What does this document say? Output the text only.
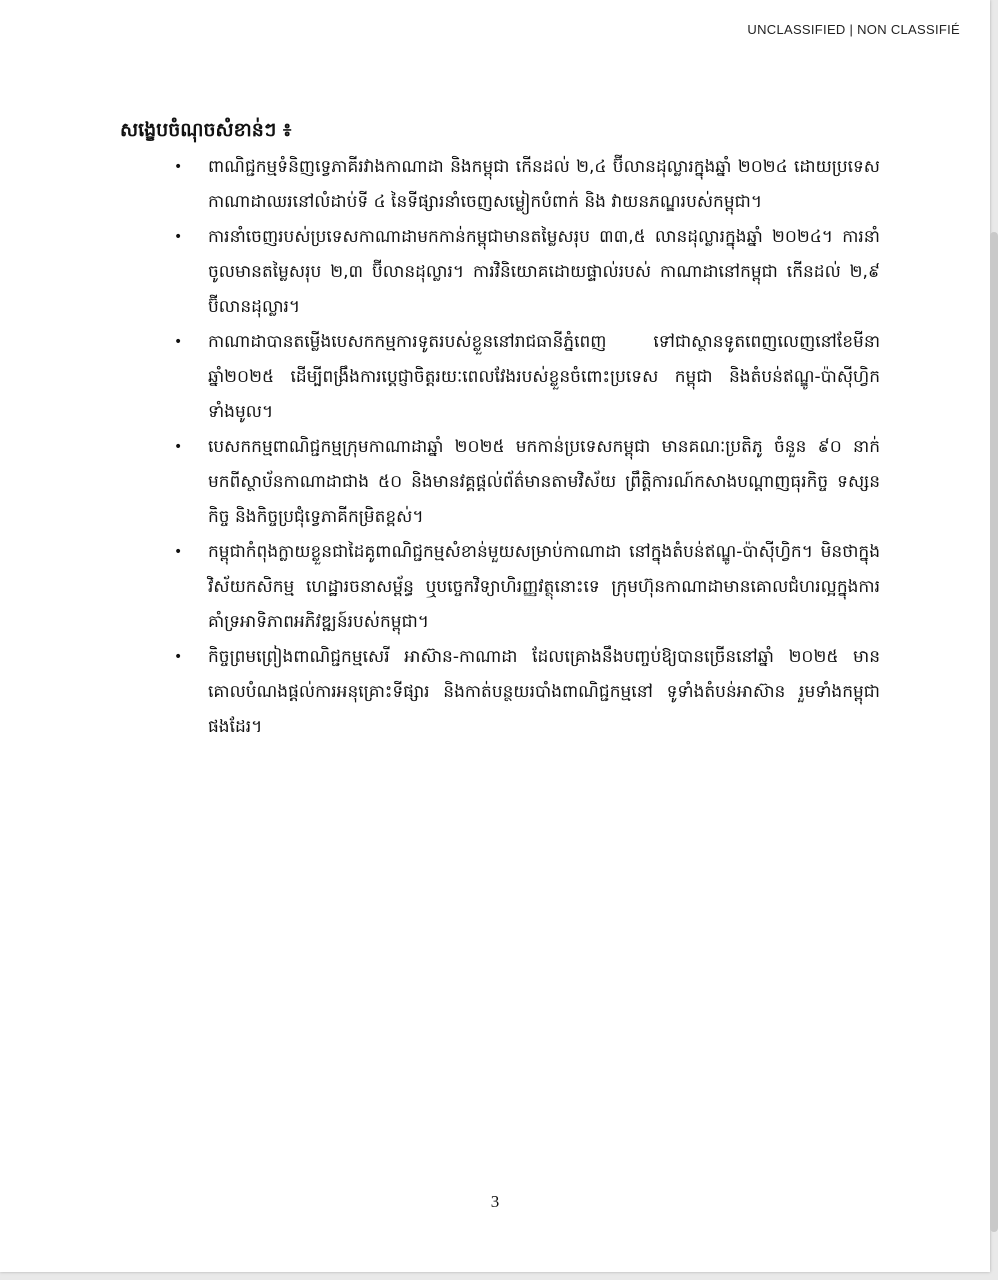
UNCLASSIFIED | NON CLASSIFIÉ
សង្ខេបចំណុចសំខាន់ៗ ៖
• ពាណិជ្ជកម្មទំនិញទ្វេភាគីរវាងកាណាដា និងកម្ពុជា កើនដល់ ២,៤ ប៊ីលានដុល្លារក្នុងឆ្នាំ ២០២៤ ដោយប្រទេសកាណាដាឈរនៅលំដាប់ទី ៤ នៃទីផ្សារនាំចេញសម្លៀកបំពាក់ និង វាយនភណ្ឌរបស់កម្ពុជា។
• ការនាំចេញរបស់ប្រទេសកាណាដាមកកាន់កម្ពុជាមានតម្លៃសរុប ៣៣,៥ លានដុល្លារក្នុងឆ្នាំ ២០២៤។ ការនាំចូលមានតម្លៃសរុប ២,៣ ប៊ីលានដុល្លារ។ ការវិនិយោគដោយផ្ទាល់របស់ កាណាដានៅកម្ពុជា កើនដល់ ២,៩ ប៊ីលានដុល្លារ។
• កាណាដាបានតម្លើងបេសកកម្មការទូតរបស់ខ្លួននៅរាជធានីភ្នំពេញ ទៅជាស្ថានទូតពេញលេញនៅខែមីនា ឆ្នាំ២០២៥ ដើម្បីពង្រឹងការប្តេជ្ញាចិត្តរយៈពេលវែងរបស់ខ្លួនចំពោះប្រទេស កម្ពុជា និងតំបន់ឥណ្ឌូ-ប៉ាស៊ីហ្វិកទាំងមូល។
• បេសកកម្មពាណិជ្ជកម្មក្រុមកាណាដាឆ្នាំ ២០២៥ មកកាន់ប្រទេសកម្ពុជា មានគណៈប្រតិភូ ចំនួន ៩០ នាក់ មកពីស្ថាប័នកាណាដាជាង ៥០ និងមានវគ្គផ្តល់ព័ត៌មានតាមវិស័យ ព្រឹត្តិការណ៍កសាងបណ្តាញធុរកិច្ច ទស្សនកិច្ច និងកិច្ចប្រជុំទ្វេភាគីកម្រិតខ្ពស់។
• កម្ពុជាកំពុងក្លាយខ្លួនជាដៃគូពាណិជ្ជកម្មសំខាន់មួយសម្រាប់កាណាដា នៅក្នុងតំបន់ឥណ្ឌូ-ប៉ាស៊ីហ្វិក។ មិនថាក្នុងវិស័យកសិកម្ម ហេដ្ឋារចនាសម្ព័ន្ធ ឬបច្ចេកវិទ្យាហិរញ្ញវត្ថុនោះទេ ក្រុមហ៊ុនកាណាដាមានគោលជំហរល្អក្នុងការគាំទ្រអាទិភាពអភិវឌ្ឍន៍របស់កម្ពុជា។
• កិច្ចព្រមព្រៀងពាណិជ្ជកម្មសេរី អាស៊ាន-កាណាដា ដែលគ្រោងនឹងបញ្ចប់ឱ្យបានច្រើននៅឆ្នាំ ២០២៥ មានគោលបំណងផ្តល់ការអនុគ្រោះទីផ្សារ និងកាត់បន្ថយរបាំងពាណិជ្ជកម្មនៅ ទូទាំងតំបន់អាស៊ាន រួមទាំងកម្ពុជាផងដែរ។
3
